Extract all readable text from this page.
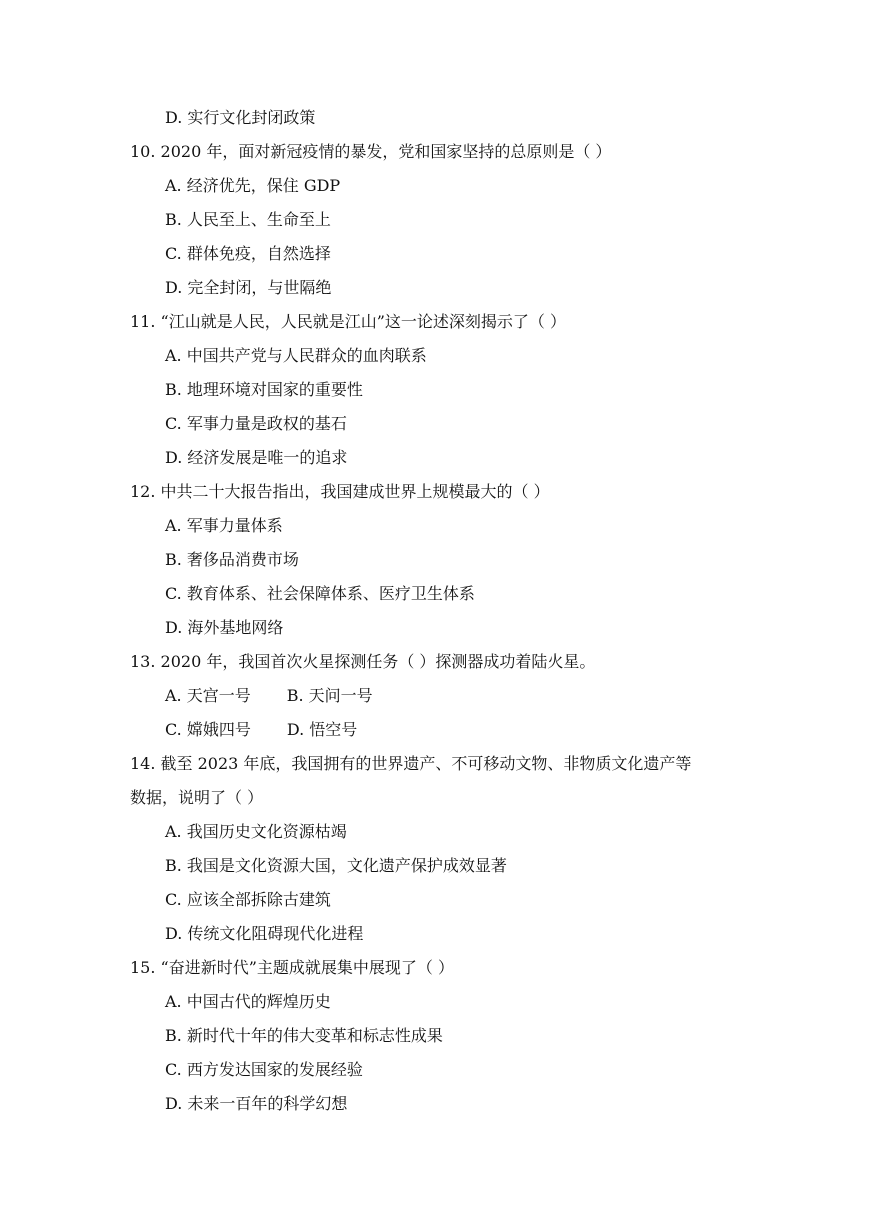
D. 实行文化封闭政策
10. 2020 年，面对新冠疫情的暴发，党和国家坚持的总原则是（ ）
A. 经济优先，保住 GDP
B. 人民至上、生命至上
C. 群体免疫，自然选择
D. 完全封闭，与世隔绝
11. “江山就是人民，人民就是江山”这一论述深刻揭示了（ ）
A. 中国共产党与人民群众的血肉联系
B. 地理环境对国家的重要性
C. 军事力量是政权的基石
D. 经济发展是唯一的追求
12. 中共二十大报告指出，我国建成世界上规模最大的（ ）
A. 军事力量体系
B. 奢侈品消费市场
C. 教育体系、社会保障体系、医疗卫生体系
D. 海外基地网络
13. 2020 年，我国首次火星探测任务（ ）探测器成功着陆火星。
A. 天宫一号 B. 天问一号
C. 嫦娥四号 D. 悟空号
14. 截至 2023 年底，我国拥有的世界遗产、不可移动文物、非物质文化遗产等
数据，说明了（ ）
A. 我国历史文化资源枯竭
B. 我国是文化资源大国，文化遗产保护成效显著
C. 应该全部拆除古建筑
D. 传统文化阻碍现代化进程
15. “奋进新时代”主题成就展集中展现了（ ）
A. 中国古代的辉煌历史
B. 新时代十年的伟大变革和标志性成果
C. 西方发达国家的发展经验
D. 未来一百年的科学幻想
